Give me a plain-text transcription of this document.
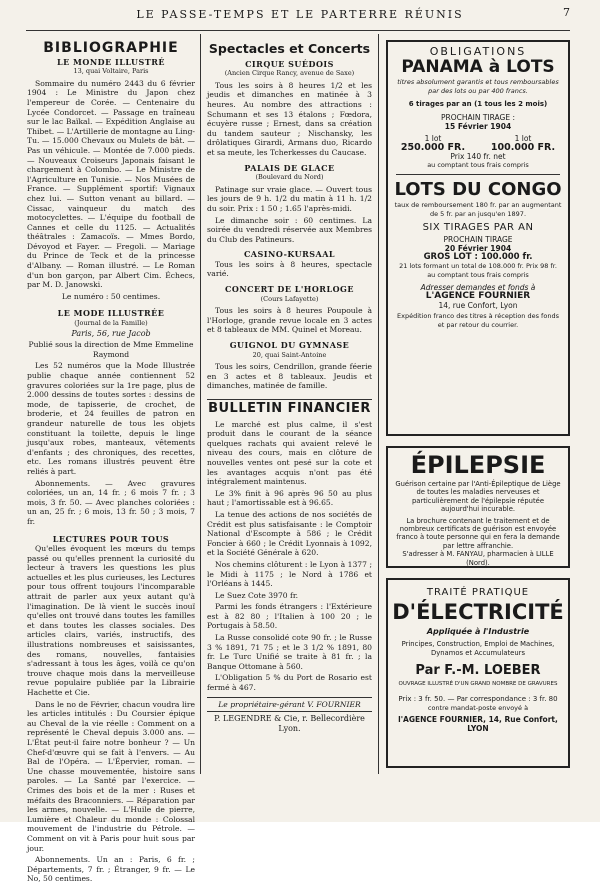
LE PASSE-TEMPS ET LE PARTERRE RÉUNIS	7
BIBLIOGRAPHIE
LE MONDE ILLUSTRÉ
13, quai Voltaire, Paris

Sommaire du numéro 2443 du 6 février 1904 : Le Ministre du Japon chez l'empereur de Corée. — Centenaire du Lycée Condorcet. — Passage en traîneau sur le lac Baïkal. — Expédition Anglaise au Thibet. — L'Artillerie de montagne au Ling-Tu. — 15.000 Chevaux ou Mulets de bât. — Pas un véhicule. — Montée de 7.000 pieds. — Nouveaux Croiseurs Japonais faisant le chargement à Colombo. — Le Ministre de l'Agriculture en Tunisie. — Nos Musées de France. — Supplément sportif: Vignaux chez lui. — Sutton venant au billard. — Cissac, vainqueur du match des motocyclettes. — L'équipe du football de Cannes et celle du 1125. — Actualités théâtrales : Zamacoïs. — Mmes Bordo, Dévoyod et Fayer. — Fregoli. — Mariage du Prince de Teck et de la princesse d'Albany. — Roman illustré. — Le Roman d'un bon garçon, par Albert Cim. Échecs, par M. D. Janowski.

Le numéro : 50 centimes.

LE MODE ILLUSTRÉE
(Journal de la Famille)

Paris, 56, rue Jacob

Publié sous la direction de Mme Emmeline Raymond

Les 52 numéros que la Mode Illustrée publie chaque année contiennent 52 gravures coloriées sur la 1re page, plus de 2.000 dessins de toutes sortes : dessins de mode, de tapisserie, de crochet, de broderie, et 24 feuilles de patron en grandeur naturelle de tous les objets constituant la toilette, depuis le linge jusqu'aux robes, manteaux, vêtements d'enfants ; des chroniques, des recettes, etc. Les romans illustrés peuvent être reliés à part.

Abonnements. — Avec gravures coloriées, un an, 14 fr. ; 6 mois 7 fr. ; 3 mois, 3 fr. 50. — Avec planches coloriées : un an, 25 fr. ; 6 mois, 13 fr. 50 ; 3 mois, 7 fr.

LECTURES POUR TOUS

Qu'elles évoquent les mœurs du temps passé ou qu'elles prennent la curiosité du lecteur à travers les questions les plus actuelles et les plus curieuses, les Lectures pour tous offrent toujours l'incomparable attrait de parler aux yeux autant qu'à l'imagination. De là vient le succès inouï qu'elles ont trouvé dans toutes les familles et dans toutes les classes sociales. Des articles clairs, variés, instructifs, des illustrations nombreuses et saisissantes, des romans, nouvelles, fantaisies s'adressant à tous les âges, voilà ce qu'on trouve chaque mois dans la merveilleuse revue populaire publiée par la Librairie Hachette et Cie.

Dans le no de Février, chacun voudra lire les articles intitulés : Du Coursier épique au Cheval de la vie réelle : Comment on a représenté le Cheval depuis 3.000 ans. — L'État peut-il faire notre bonheur ? — Un Chef-d'œuvre qui se fait à l'envers. — Au Bal de l'Opéra. — L'Épervier, roman. — Une chasse mouvementée, histoire sans paroles. — La Santé par l'exercice. — Crimes des bois et de la mer : Ruses et méfaits des Braconniers. — Réparation par les armes, nouvelle. — L'Huile de pierre, Lumière et Chaleur du monde : Colossal mouvement de l'industrie du Pétrole. — Comment on vit à Paris pour huit sous par jour.

Abonnements. Un an : Paris, 6 fr. ; Départements, 7 fr. ; Étranger, 9 fr. — Le No, 50 centimes.

Spectacles et Concerts
CIRQUE SUÉDOIS
(Ancien Cirque Rancy, avenue de Saxe)

Tous les soirs à 8 heures 1/2 et les jeudis et dimanches en matinée à 3 heures. Au nombre des attractions : Schumann et ses 13 étalons ; Fœdora, écuyère russe ; Ernest, dans sa création du tandem sauteur ; Nischansky, les drôlatiques Girardi, Armans duo, Ricardo et sa meute, les Tcherkesses du Caucase.

PALAIS DE GLACE
(Boulevard du Nord)

Patinage sur vraie glace. — Ouvert tous les jours de 9 h. 1/2 du matin à 11 h. 1/2 du soir. Prix : 1 50 ; 1.65 l'après-midi.

Le dimanche soir : 60 centimes. La soirée du vendredi réservée aux Membres du Club des Patineurs.

CASINO-KURSAAL

Tous les soirs à 8 heures, spectacle varié.

CONCERT DE L'HORLOGE
(Cours Lafayette)

Tous les soirs à 8 heures Poupoule à l'Horloge, grande revue locale en 3 actes et 8 tableaux de MM. Quinel et Moreau.

GUIGNOL DU GYMNASE
20, quai Saint-Antoine

Tous les soirs, Cendrillon, grande féerie en 3 actes et 8 tableaux. Jeudis et dimanches, matinée de famille.

BULLETIN FINANCIER

Le marché est plus calme, il s'est produit dans le courant de la séance quelques rachats qui avaient relevé le niveau des cours, mais en clôture de nouvelles ventes ont pesé sur la cote et les avantages acquis n'ont pas été intégralement maintenus.

Le 3% finit à 96 après 96 50 au plus haut ; l'amortissable est à 96.65.

La tenue des actions de nos sociétés de Crédit est plus satisfaisante : le Comptoir National d'Escompte à 586 ; le Crédit Foncier à 660 ; le Crédit Lyonnais à 1092, et la Société Générale à 620.

Nos chemins clôturent : le Lyon à 1377 ; le Midi à 1175 ; le Nord à 1786 et l'Orléans à 1445.

Le Suez Cote 3970 fr.

Parmi les fonds étrangers : l'Extérieure est à 82 80 ; l'Italien à 100 20 ; le Portugais à 58.50.

La Russe consolidé cote 90 fr. ; le Russe 3 % 1891, 71 75 ; et le 3 1/2 % 1891, 80 fr. Le Turc Unifié se traite à 81 fr. ; la Banque Ottomane à 560.

L'Obligation 5 % du Port de Rosario est fermé à 467.

Le propriétaire-gérant V. FOURNIER

P. LEGENDRE & Cie, r. Bellecordière Lyon.

OBLIGATIONS
PANAMA à LOTS
titres absolument garantis et tous remboursables par des lots ou par 400 francs.
6 tirages par an (1 tous les 2 mois)
PROCHAIN TIRAGE :
15 Février 1904
1 lot
250.000 FR.
1 lot
100.000 FR.
Prix 140 fr. net
au comptant tous frais compris
LOTS DU CONGO
taux de remboursement 180 fr. par an augmentant de 5 fr. par an jusqu'en 1897.
SIX TIRAGES PAR AN
PROCHAIN TIRAGE
20 Février 1904
GROS LOT : 100.000 fr.
21 lots formant un total de 108.000 fr. Prix 98 fr. au comptant tous frais compris
Adresser demandes et fonds à
L'AGENCE FOURNIER
14, rue Confort, Lyon
Expédition franco des titres à réception des fonds et par retour du courrier.
ÉPILEPSIE
Guérison certaine par l'Anti-Épileptique de Liège de toutes les maladies nerveuses et particulièrement de l'épilepsie réputée aujourd'hui incurable.
La brochure contenant le traitement et de nombreux certificats de guérison est envoyée franco à toute personne qui en fera la demande par lettre affranchie.
S'adresser à M. FANYAU, pharmacien à LILLE (Nord).
TRAITÉ PRATIQUE
D'ÉLECTRICITÉ
Appliquée à l'Industrie
Principes, Construction, Emploi de Machines, Dynamos et Accumulateurs
Par F.-M. LOEBER
OUVRAGE ILLUSTRÉ D'UN GRAND NOMBRE DE GRAVURES
Prix : 3 fr. 50. — Par correspondance : 3 fr. 80
contre mandat-poste envoyé à
l'AGENCE FOURNIER, 14, Rue Confort, LYON
